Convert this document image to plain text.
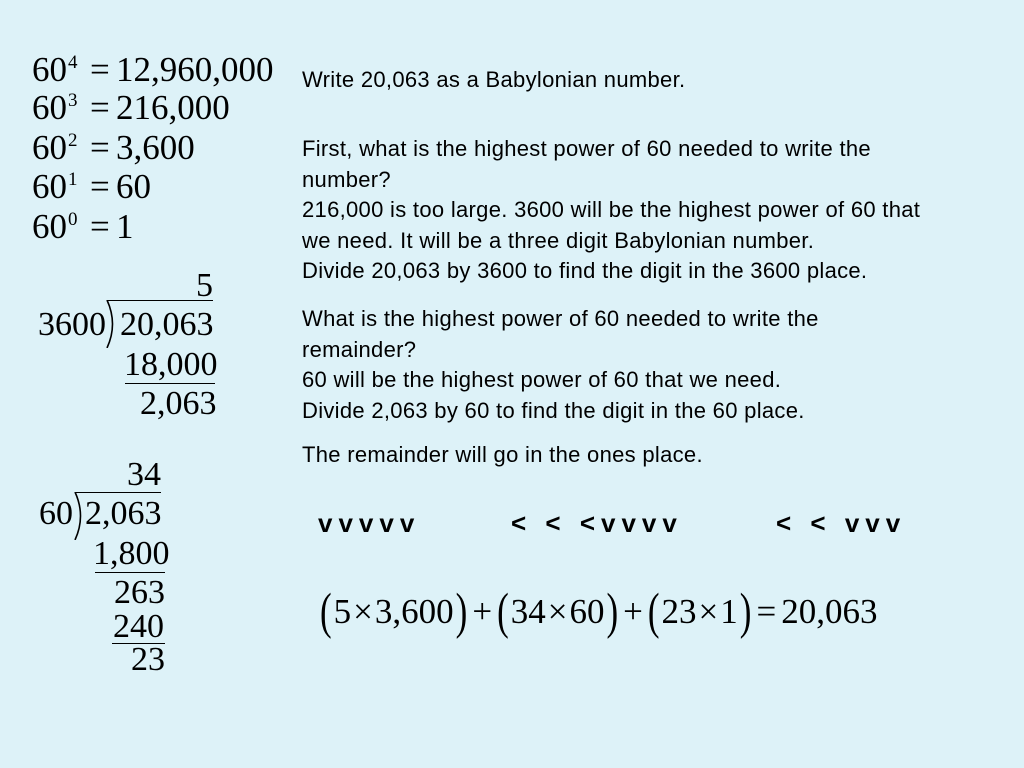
60 4 = 12,960,000
60 3 = 216,000
60 2 = 3,600
60 1 = 60
60 0 = 1
5
3600 20,063
18,000
2,063
34
60 2,063
1,800
263
240
23
Write 20,063 as a Babylonian number.
First, what is the highest power of 60 needed to write the
number?
216,000 is too large. 3600 will be the highest power of 60 that
we need. It will be a three digit Babylonian number.
Divide 20,063 by 3600 to find the digit in the 3600 place.
What is the highest power of 60 needed to write the
remainder?
60 will be the highest power of 60 that we need.
Divide 2,063 by 60 to find the digit in the 60 place.
The remainder will go in the ones place.
vvvvv	< < <vvvv	< < vvv
( 5 × 3,600 ) + ( 34 × 60 ) + ( 23 × 1 ) = 20,063
